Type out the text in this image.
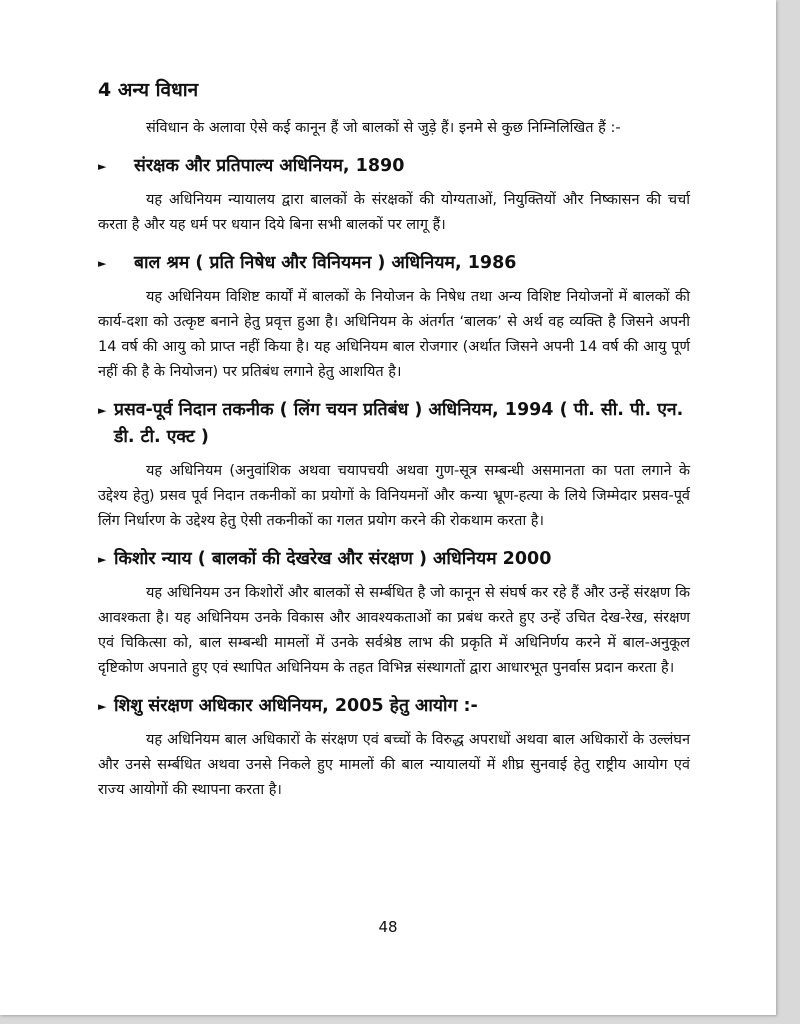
4 अन्य विधान

संविधान के अलावा ऐसे कई कानून हैं जो बालकों से जुड़े हैं। इनमे से कुछ निम्निलिखित हैं :-

►	संरक्षक और प्रतिपाल्य अधिनियम, 1890

यह अधिनियम न्यायालय द्वारा बालकों के संरक्षकों की योग्यताओं, नियुक्तियों और निष्कासन की चर्चा करता है और यह धर्म पर धयान दिये बिना सभी बालकों पर लागू हैं।

►	बाल श्रम ( प्रति निषेध और विनियमन ) अधिनियम, 1986

यह अधिनियम विशिष्ट कार्यों में बालकों के नियोजन के निषेध तथा अन्य विशिष्ट नियोजनों में बालकों की कार्य-दशा को उत्कृष्ट बनाने हेतु प्रवृत्त हुआ है। अधिनियम के अंतर्गत ‘बालक’ से अर्थ वह व्यक्ति है जिसने अपनी 14 वर्ष की आयु को प्राप्त नहीं किया है। यह अधिनियम बाल रोजगार (अर्थात जिसने अपनी 14 वर्ष की आयु पूर्ण नहीं की है के नियोजन) पर प्रतिबंध लगाने हेतु आशयित है।

► प्रसव-पूर्व निदान तकनीक ( लिंग चयन प्रतिबंध ) अधिनियम, 1994 ( पी. सी. पी. एन. डी. टी. एक्ट )

यह अधिनियम (अनुवांशिक अथवा चयापचयी अथवा गुण-सूत्र सम्बन्धी असमानता का पता लगाने के उद्देश्य हेतु) प्रसव पूर्व निदान तकनीकों का प्रयोगों के विनियमनों और कन्या भ्रूण-हत्या के लिये जिम्मेदार प्रसव-पूर्व लिंग निर्धारण के उद्देश्य हेतु ऐसी तकनीकों का गलत प्रयोग करने की रोकथाम करता है।

► किशोर न्याय ( बालकों की देखरेख और संरक्षण ) अधिनियम 2000

यह अधिनियम उन किशोरों और बालकों से सर्म्बधित है जो कानून से संघर्ष कर रहे हैं और उन्हें संरक्षण कि आवश्कता है। यह अधिनियम उनके विकास और आवश्यकताओं का प्रबंध करते हुए उन्हें उचित देख-रेख, संरक्षण एवं चिकित्सा को, बाल सम्बन्धी मामलों में उनके सर्वश्रेष्ठ लाभ की प्रकृति में अधिनिर्णय करने में बाल-अनुकूल दृष्टिकोण अपनाते हुए एवं स्थापित अधिनियम के तहत विभिन्न संस्थागतों द्वारा आधारभूत पुनर्वास प्रदान करता है।

► शिशु संरक्षण अधिकार अधिनियम, 2005 हेतु आयोग :-

यह अधिनियम बाल अधिकारों के संरक्षण एवं बच्चों के विरुद्ध अपराधों अथवा बाल अधिकारों के उल्लंघन और उनसे सर्म्बधित अथवा उनसे निकले हुए मामलों की बाल न्यायालयों में शीघ्र सुनवाई हेतु राष्ट्रीय आयोग एवं राज्य आयोगों की स्थापना करता है।

48
